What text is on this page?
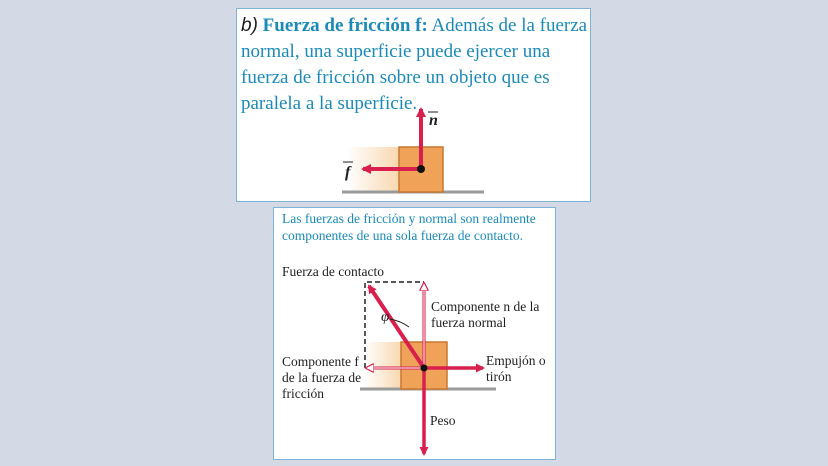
b) Fuerza de fricción f: Además de la fuerza normal, una superficie puede ejercer una fuerza de fricción sobre un objeto que es paralela a la superficie.

n
f

Las fuerzas de fricción y normal son realmente componentes de una sola fuerza de contacto.

φ

Fuerza de contacto

Componente n de la fuerza normal

Empujón o tirón

Componente f de la fuerza de fricción

Peso
